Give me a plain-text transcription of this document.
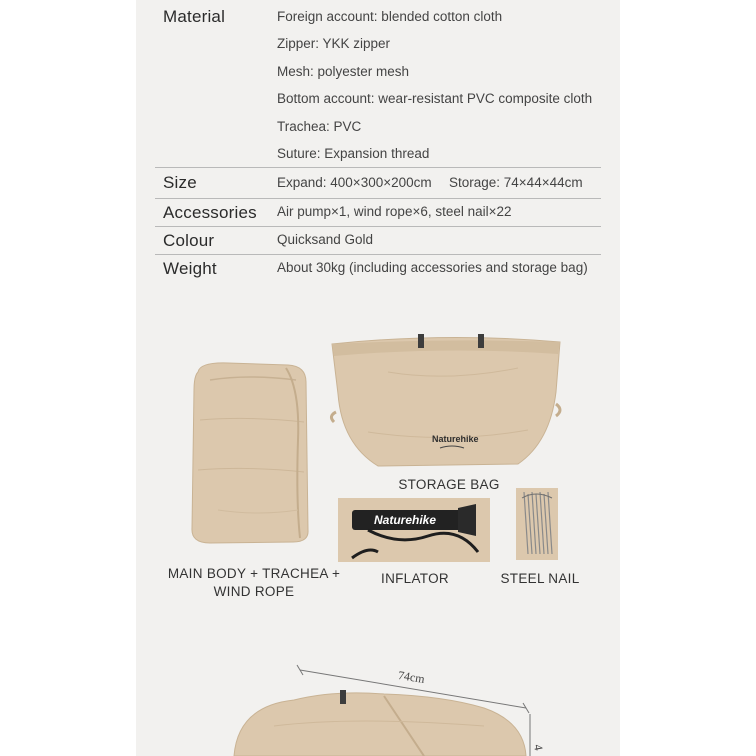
Material	Foreign account: blended cotton cloth
Zipper: YKK zipper
Mesh: polyester mesh
Bottom account: wear-resistant PVC composite cloth
Trachea: PVC
Suture: Expansion thread
Size	Expand: 400×300×200cm Storage: 74×44×44cm
Accessories Air pump×1, wind rope×6, steel nail×22
Colour	Quicksand Gold
Weight	About 30kg (including accessories and storage bag)
Naturehike
STORAGE BAG
Naturehike
INFLATOR	STEEL NAIL
MAIN BODY + TRACHEA +
WIND ROPE
74cm
4
